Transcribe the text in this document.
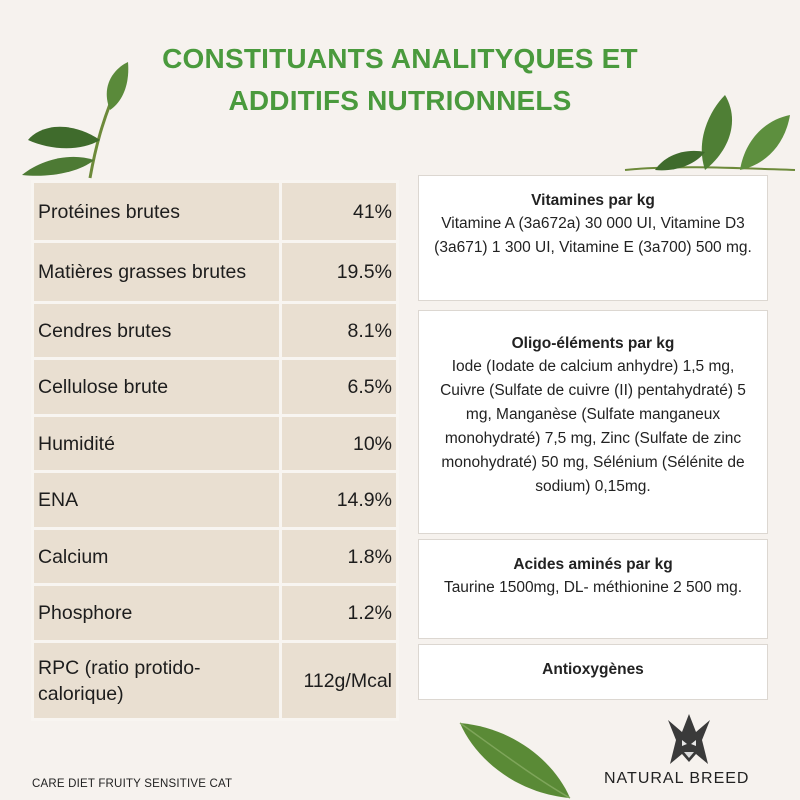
CONSTITUANTS ANALITYQUES ET
ADDITIFS NUTRIONNELS
Protéines brutes	41%
Matières grasses brutes	19.5%
Cendres brutes	8.1%
Cellulose brute	6.5%
Humidité	10%
ENA	14.9%
Calcium	1.8%
Phosphore	1.2%
RPC (ratio protido-calorique)	112g/Mcal
Vitamines par kg

Vitamine A (3a672a) 30 000 UI, Vitamine D3 (3a671) 1 300 UI, Vitamine E (3a700) 500 mg.

Oligo-éléments par kg

Iode (Iodate de calcium anhydre) 1,5 mg, Cuivre (Sulfate de cuivre (II) pentahydraté) 5 mg, Manganèse (Sulfate manganeux monohydraté) 7,5 mg, Zinc (Sulfate de zinc monohydraté) 50 mg, Sélénium (Sélénite de sodium) 0,15mg.

Acides aminés par kg

Taurine 1500mg, DL- méthionine 2 500 mg.

Antioxygènes
CARE DIET FRUITY SENSITIVE CAT	NATURAL BREED
